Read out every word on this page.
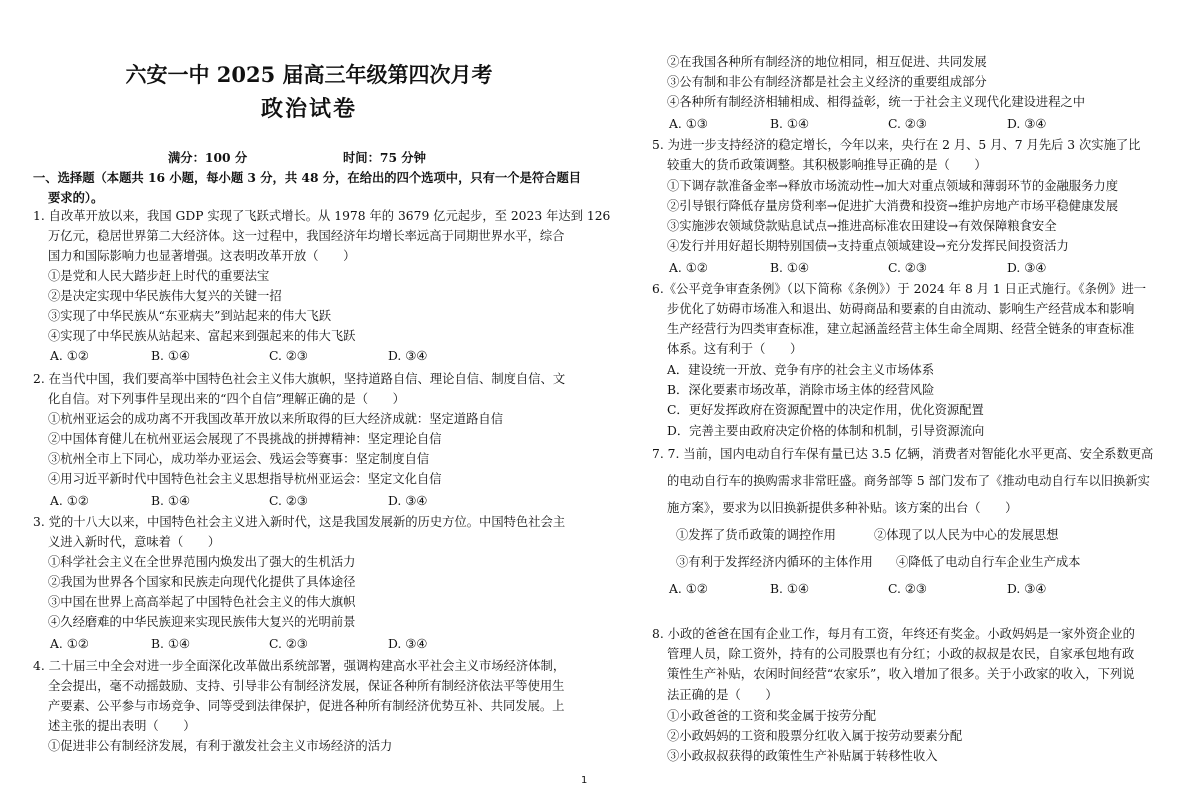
六安一中 2025 届高三年级第四次月考
政治试卷
满分：100 分	时间：75 分钟
一、选择题（本题共 16 小题，每小题 3 分，共 48 分，在给出的四个选项中，只有一个是符合题目
要求的）。
1. 自改革开放以来，我国 GDP 实现了飞跃式增长。从 1978 年的 3679 亿元起步，至 2023 年达到 126
万亿元，稳居世界第二大经济体。这一过程中，我国经济年均增长率远高于同期世界水平，综合
国力和国际影响力也显著增强。这表明改革开放（　　）
①是党和人民大踏步赶上时代的重要法宝
②是决定实现中华民族伟大复兴的关键一招
③实现了中华民族从“东亚病夫”到站起来的伟大飞跃
④实现了中华民族从站起来、富起来到强起来的伟大飞跃
A. ①②	B. ①④	C. ②③	D. ③④
2. 在当代中国，我们要高举中国特色社会主义伟大旗帜，坚持道路自信、理论自信、制度自信、文
化自信。对下列事件呈现出来的“四个自信”理解正确的是（　　）
①杭州亚运会的成功离不开我国改革开放以来所取得的巨大经济成就：坚定道路自信
②中国体育健儿在杭州亚运会展现了不畏挑战的拼搏精神：坚定理论自信
③杭州全市上下同心，成功举办亚运会、残运会等赛事：坚定制度自信
④用习近平新时代中国特色社会主义思想指导杭州亚运会：坚定文化自信
A. ①②	B. ①④	C. ②③	D. ③④
3. 党的十八大以来，中国特色社会主义进入新时代，这是我国发展新的历史方位。中国特色社会主
义进入新时代，意味着（　　）
①科学社会主义在全世界范围内焕发出了强大的生机活力
②我国为世界各个国家和民族走向现代化提供了具体途径
③中国在世界上高高举起了中国特色社会主义的伟大旗帜
④久经磨难的中华民族迎来实现民族伟大复兴的光明前景
A. ①②	B. ①④	C. ②③	D. ③④
4. 二十届三中全会对进一步全面深化改革做出系统部署，强调构建高水平社会主义市场经济体制，
全会提出，毫不动摇鼓励、支持、引导非公有制经济发展，保证各种所有制经济依法平等使用生
产要素、公平参与市场竞争、同等受到法律保护，促进各种所有制经济优势互补、共同发展。上
述主张的提出表明（　　）
①促进非公有制经济发展，有利于激发社会主义市场经济的活力
②在我国各种所有制经济的地位相同，相互促进、共同发展
③公有制和非公有制经济都是社会主义经济的重要组成部分
④各种所有制经济相辅相成、相得益彰，统一于社会主义现代化建设进程之中
A. ①③	B. ①④	C. ②③	D. ③④
5. 为进一步支持经济的稳定增长，今年以来，央行在 2 月、5 月、7 月先后 3 次实施了比
较重大的货币政策调整。其积极影响推导正确的是（　　）
①下调存款准备金率→释放市场流动性→加大对重点领域和薄弱环节的金融服务力度
②引导银行降低存量房贷利率→促进扩大消费和投资→维护房地产市场平稳健康发展
③实施涉农领域贷款贴息试点→推进高标准农田建设→有效保障粮食安全
④发行并用好超长期特别国债→支持重点领域建设→充分发挥民间投资活力
A. ①②	B. ①④	C. ②③	D. ③④
6.《公平竞争审查条例》（以下简称《条例》）于 2024 年 8 月 1 日正式施行。《条例》进一
步优化了妨碍市场准入和退出、妨碍商品和要素的自由流动、影响生产经营成本和影响
生产经营行为四类审查标准，建立起涵盖经营主体生命全周期、经营全链条的审查标准
体系。这有利于（　　）
A．建设统一开放、竞争有序的社会主义市场体系
B．深化要素市场改革，消除市场主体的经营风险
C．更好发挥政府在资源配置中的决定作用，优化资源配置
D．完善主要由政府决定价格的体制和机制，引导资源流向
7. 7. 当前，国内电动自行车保有量已达 3.5 亿辆，消费者对智能化水平更高、安全系数更高
的电动自行车的换购需求非常旺盛。商务部等 5 部门发布了《推动电动自行车以旧换新实
施方案》，要求为以旧换新提供多种补贴。该方案的出台（　　）
①发挥了货币政策的调控作用	②体现了以人民为中心的发展思想
③有利于发挥经济内循环的主体作用 ④降低了电动自行车企业生产成本
A. ①②	B. ①④	C. ②③	D. ③④
8. 小政的爸爸在国有企业工作，每月有工资，年终还有奖金。小政妈妈是一家外资企业的
管理人员，除工资外，持有的公司股票也有分红；小政的叔叔是农民，自家承包地有政
策性生产补贴，农闲时间经营“农家乐”，收入增加了很多。关于小政家的收入，下列说
法正确的是（　　）
①小政爸爸的工资和奖金属于按劳分配
②小政妈妈的工资和股票分红收入属于按劳动要素分配
③小政叔叔获得的政策性生产补贴属于转移性收入
1
